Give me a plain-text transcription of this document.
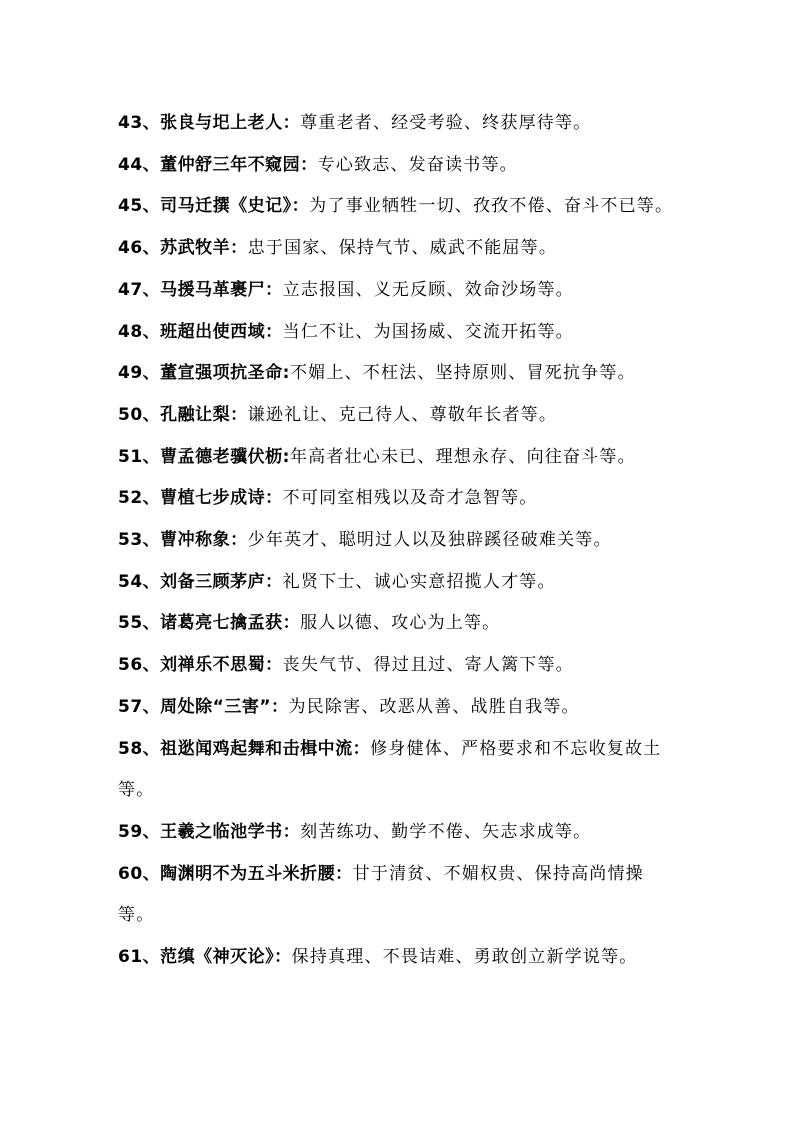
43、张良与圯上老人：尊重老者、经受考验、终获厚待等。

44、董仲舒三年不窥园：专心致志、发奋读书等。

45、司马迁撰《史记》：为了事业牺牲一切、孜孜不倦、奋斗不已等。

46、苏武牧羊：忠于国家、保持气节、威武不能屈等。

47、马援马革裹尸：立志报国、义无反顾、效命沙场等。

48、班超出使西域：当仁不让、为国扬威、交流开拓等。

49、董宣强项抗圣命:不媚上、不枉法、坚持原则、冒死抗争等。

50、孔融让梨：谦逊礼让、克己待人、尊敬年长者等。

51、曹孟德老骥伏枥:年高者壮心未已、理想永存、向往奋斗等。

52、曹植七步成诗：不可同室相残以及奇才急智等。

53、曹冲称象：少年英才、聪明过人以及独辟蹊径破难关等。

54、刘备三顾茅庐：礼贤下士、诚心实意招揽人才等。

55、诸葛亮七擒孟获：服人以德、攻心为上等。

56、刘禅乐不思蜀：丧失气节、得过且过、寄人篱下等。

57、周处除“三害”：为民除害、改恶从善、战胜自我等。

58、祖逖闻鸡起舞和击楫中流：修身健体、严格要求和不忘收复故土等。

59、王羲之临池学书：刻苦练功、勤学不倦、矢志求成等。

60、陶渊明不为五斗米折腰：甘于清贫、不媚权贵、保持高尚情操等。

61、范缜《神灭论》：保持真理、不畏诘难、勇敢创立新学说等。
